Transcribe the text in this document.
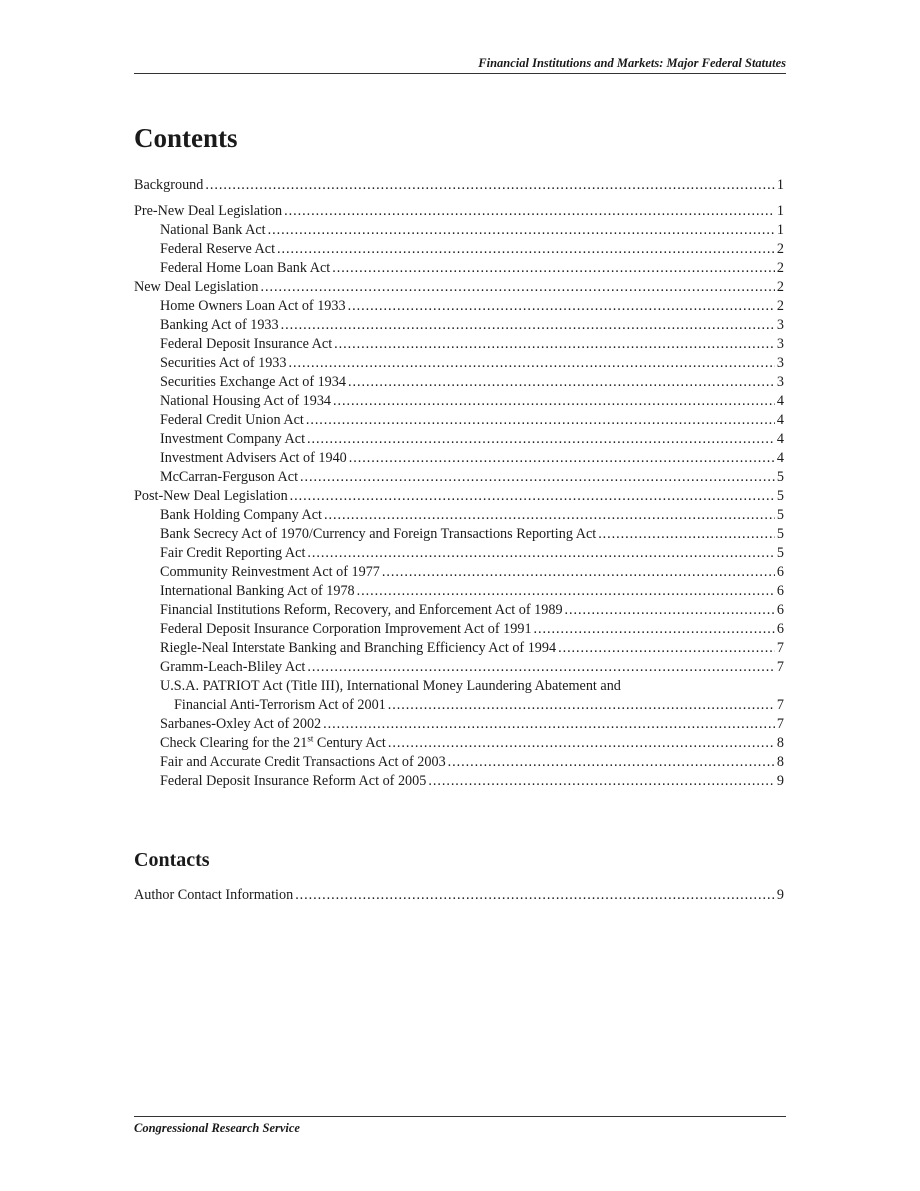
Financial Institutions and Markets: Major Federal Statutes
Contents
Background . . .	1
Pre-New Deal Legislation . . .	1
National Bank Act . . .	1
Federal Reserve Act . . .	2
Federal Home Loan Bank Act . . .	2
New Deal Legislation . . .	2
Home Owners Loan Act of 1933 . . .	2
Banking Act of 1933 . . .	3
Federal Deposit Insurance Act . . .	3
Securities Act of 1933 . . .	3
Securities Exchange Act of 1934 . . .	3
National Housing Act of 1934 . . .	4
Federal Credit Union Act . . .	4
Investment Company Act . . .	4
Investment Advisers Act of 1940 . . .	4
McCarran-Ferguson Act . . .	5
Post-New Deal Legislation . . .	5
Bank Holding Company Act . . .	5
Bank Secrecy Act of 1970/Currency and Foreign Transactions Reporting Act . . .	5
Fair Credit Reporting Act . . .	5
Community Reinvestment Act of 1977 . . .	6
International Banking Act of 1978 . . .	6
Financial Institutions Reform, Recovery, and Enforcement Act of 1989 . . .	6
Federal Deposit Insurance Corporation Improvement Act of 1991 . . .	6
Riegle-Neal Interstate Banking and Branching Efficiency Act of 1994 . . .	7
Gramm-Leach-Bliley Act . . .	7
U.S.A. PATRIOT Act (Title III), International Money Laundering Abatement and
Financial Anti-Terrorism Act of 2001 . . .	7
Sarbanes-Oxley Act of 2002 . . .	7
Check Clearing for the 21st Century Act . . .	8
Fair and Accurate Credit Transactions Act of 2003 . . .	8
Federal Deposit Insurance Reform Act of 2005 . . .	9
Contacts
Author Contact Information . . .	9
Congressional Research Service
